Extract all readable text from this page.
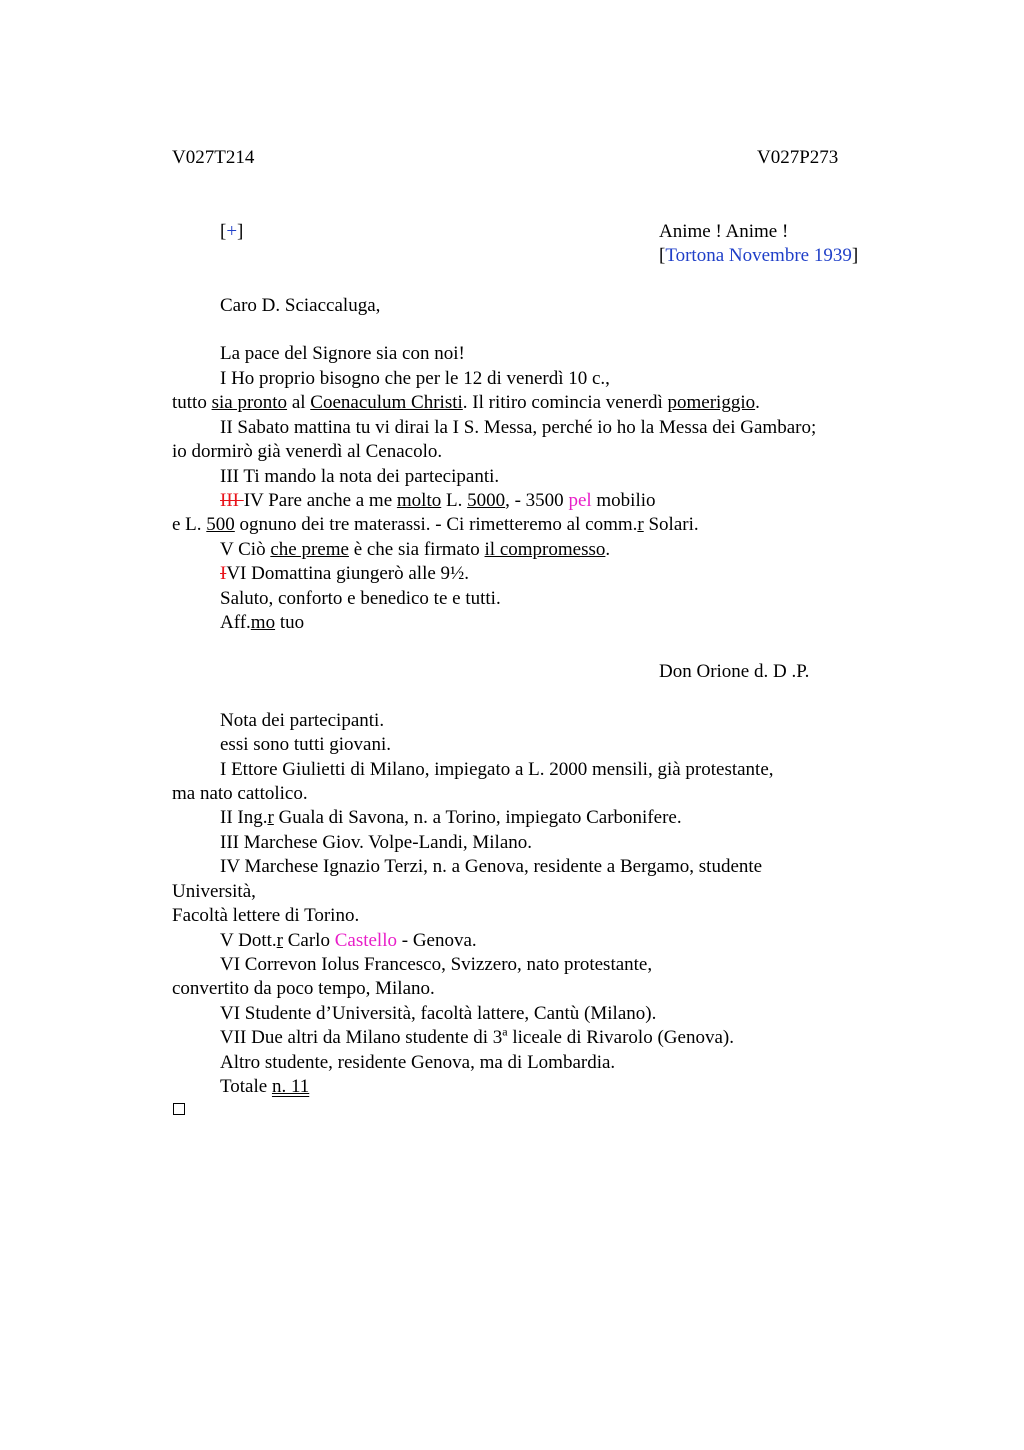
V027T214	V027P273
[+]	Anime ! Anime !
[Tortona Novembre 1939]
Caro D. Sciaccaluga,
La pace del Signore sia con noi!
I Ho proprio bisogno che per le 12 di venerdì 10 c.,
tutto sia pronto al Coenaculum Christi. Il ritiro comincia venerdì pomeriggio.
II Sabato mattina tu vi dirai la I S. Messa, perché io ho la Messa dei Gambaro;
io dormirò già venerdì al Cenacolo.
III Ti mando la nota dei partecipanti.
III IV Pare anche a me molto L. 5000, - 3500 pel mobilio
e L. 500 ognuno dei tre materassi. - Ci rimetteremo al comm.r Solari.
V Ciò che preme è che sia firmato il compromesso.
IVI Domattina giungerò alle 9½.
Saluto, conforto e benedico te e tutti.
Aff.mo tuo
Don Orione d. D .P.
Nota dei partecipanti.
essi sono tutti giovani.
I Ettore Giulietti di Milano, impiegato a L. 2000 mensili, già protestante,
ma nato cattolico.
II Ing.r Guala di Savona, n. a Torino, impiegato Carbonifere.
III Marchese Giov. Volpe-Landi, Milano.
IV Marchese Ignazio Terzi, n. a Genova, residente a Bergamo, studente
Università,
Facoltà lettere di Torino.
V Dott.r Carlo Castello - Genova.
VI Correvon Iolus Francesco, Svizzero, nato protestante,
convertito da poco tempo, Milano.
VI Studente d’Università, facoltà lattere, Cantù (Milano).
VII Due altri da Milano studente di 3$^a$ liceale di Rivarolo (Genova).
Altro studente, residente Genova, ma di Lombardia.
Totale n. 11
